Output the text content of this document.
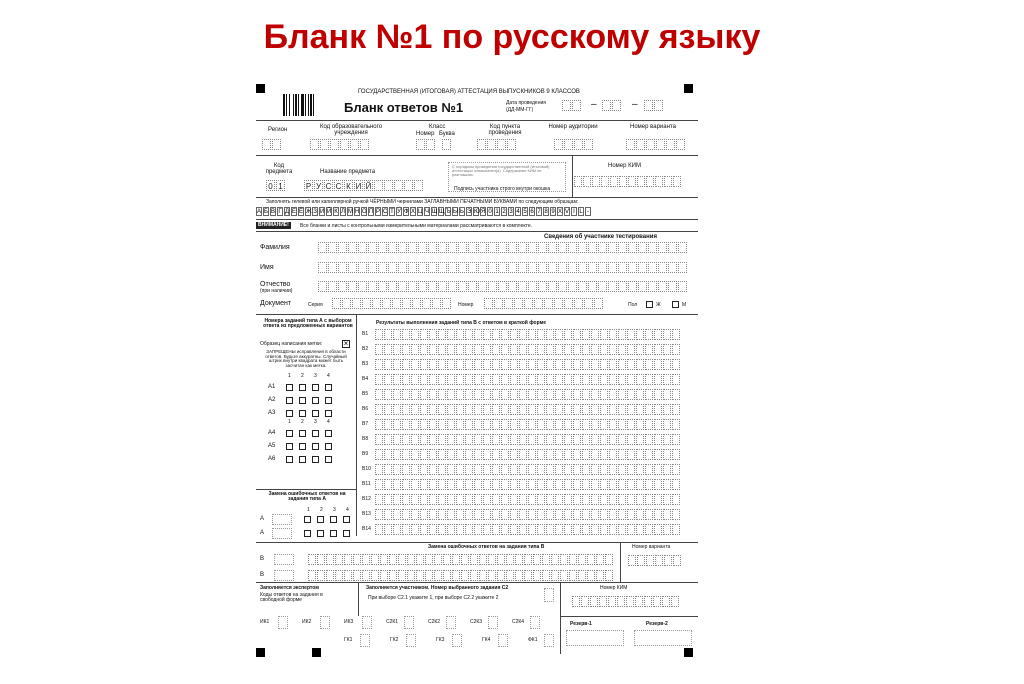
Бланк №1 по русскому языку
ГОСУДАРСТВЕННАЯ (ИТОГОВАЯ) АТТЕСТАЦИЯ ВЫПУСКНИКОВ 9 КЛАССОВ
Бланк ответов №1	Дата проведения
(ДД-ММ-ГГ)	–	–
Регион	Код образовательного учреждения
Класс
Номер Буква
Код пункта проведения
Номер аудитории	Номер варианта
Код предмета	Название предмета
0 1	Р У С С К И Й
С порядком проведения государственной (итоговой) аттестации ознакомлен(а). Содержание КИМ не разглашаю.
Подпись участника строго внутри окошка
Номер КИМ
Заполнять гелевой или капиллярной ручкой ЧЁРНЫМИ чернилами ЗАГЛАВНЫМИ ПЕЧАТНЫМИ БУКВАМИ по следующим образцам:
А Б В Г Д Е Ё Ж З И Й К Л М Н О П Р С Т У Ф Х Ц Ч Ш Щ Ъ Ы Ь Э Ю Я 0 1 2 3 4 5 6 7 8 9 X V I L -
ВНИМАНИЕ!	Все бланки и листы с контрольными измерительными материалами рассматриваются в комплекте.
Сведения об участнике тестирования
Фамилия
Имя
Отчество
(при наличии)
Документ	Серия	Номер	Пол	Ж	М
Номера заданий типа А с выбором ответа из предложенных вариантов
Образец написания метки:	×
ЗАПРЕЩЕНЫ исправления в области ответов. Будьте аккуратны. Случайный штрих внутри квадрата может быть засчитан как метка.
1 2 3 4
А1
А2
А3
1 2 3 4
А4
А5
А6
Результаты выполнения заданий типа В с ответом в краткой форме
В1
В2
В3
В4
В5
В6
В7
В8
В9
В10
В11
В12
В13
В14
Замена ошибочных ответов на задания типа А
1 2 3 4
А
А
Замена ошибочных ответов на задания типа В
В
В
Номер варианта
Заполняется экспертом
Коды ответов на задания в свободной форме
Заполняется участником. Номер выбранного задания С2
При выборе С2.1 укажите 1, при выборе С2.2 укажите 2
Номер КИМ
Резерв-1	Резерв-2
ИК1	ИК2	ИК3	С2К1	С2К2	С2К3	С2К4
ГК1	ГК2	ГК3	ГК4	ФК1
